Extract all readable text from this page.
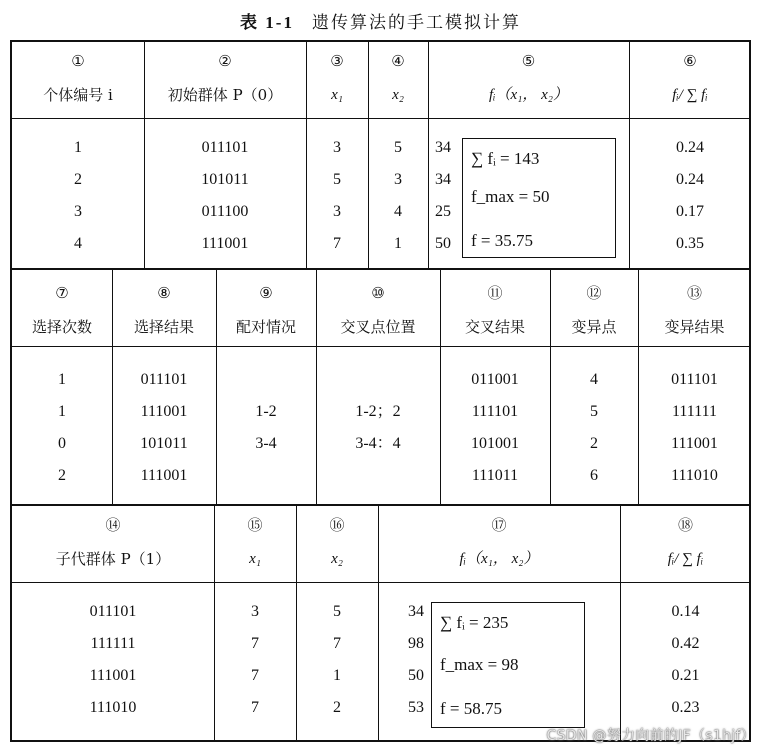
表 1-1 遗传算法的手工模拟计算
①
个体编号 i
②
初始群体 P（0）
③
x₁
④
x₂
⑤
fᵢ（x₁， x₂）
⑥
fᵢ/ ∑ fᵢ
1
2
3
4
011101
101011
011100
111001
3
5
3
7
5
3
4
1
34
34
25
50
∑ fᵢ = 143
f_max = 50
f = 35.75
0.24
0.24
0.17
0.35
⑦
选择次数
⑧
选择结果
⑨
配对情况
⑩
交叉点位置
⑪
交叉结果
⑫
变异点
⑬
变异结果
1
1
0
2
011101
111001
101011
111001
1-2
3-4
1-2；2
3-4：4
011001
111101
101001
111011
4
5
2
6
011101
111111
111001
111010
⑭
子代群体 P（1）
⑮
x₁
⑯
x₂
⑰
fᵢ（x₁， x₂）
⑱
fᵢ/ ∑ fᵢ
011101
111111
111001
111010
3
7
7
7
5
7
1
2
34
98
50
53
∑ fᵢ = 235
f_max = 98
f = 58.75
0.14
0.42
0.21
0.23
CSDN @努力向前的JF（s1hjf）
